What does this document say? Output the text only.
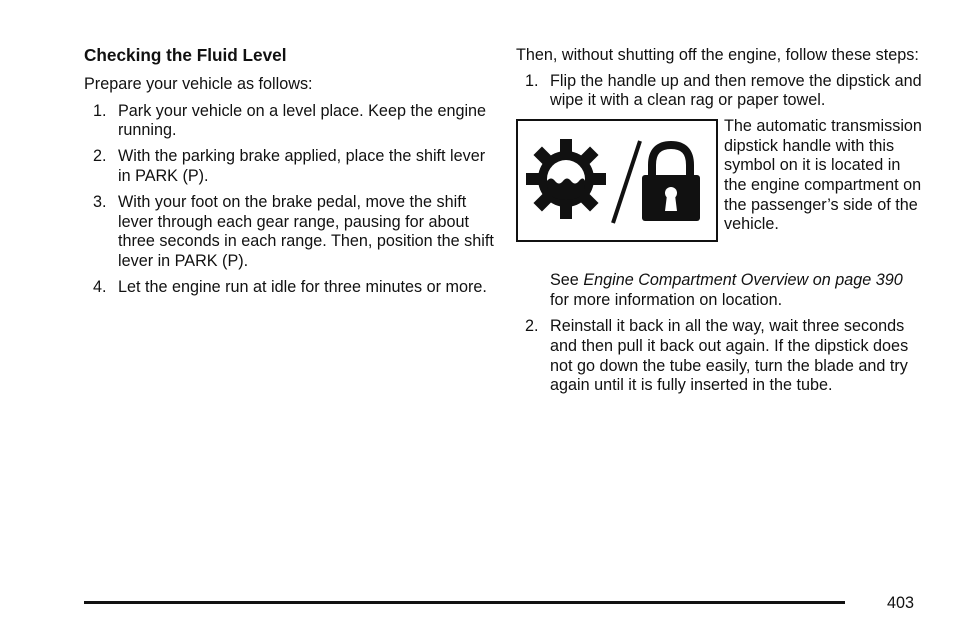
Checking the Fluid Level

Prepare your vehicle as follows:

1. Park your vehicle on a level place. Keep the engine running.
2. With the parking brake applied, place the shift lever in PARK (P).
3. With your foot on the brake pedal, move the shift lever through each gear range, pausing for about three seconds in each range. Then, position the shift lever in PARK (P).
4. Let the engine run at idle for three minutes or more.

Then, without shutting off the engine, follow these steps:

1. Flip the handle up and then remove the dipstick and wipe it with a clean rag or paper towel.

The automatic transmission dipstick handle with this symbol on it is located in the engine compartment on the passenger’s side of the vehicle.

See Engine Compartment Overview on page 390 for more information on location.

2. Reinstall it back in all the way, wait three seconds and then pull it back out again. If the dipstick does not go down the tube easily, turn the blade and try again until it is fully inserted in the tube.
403
